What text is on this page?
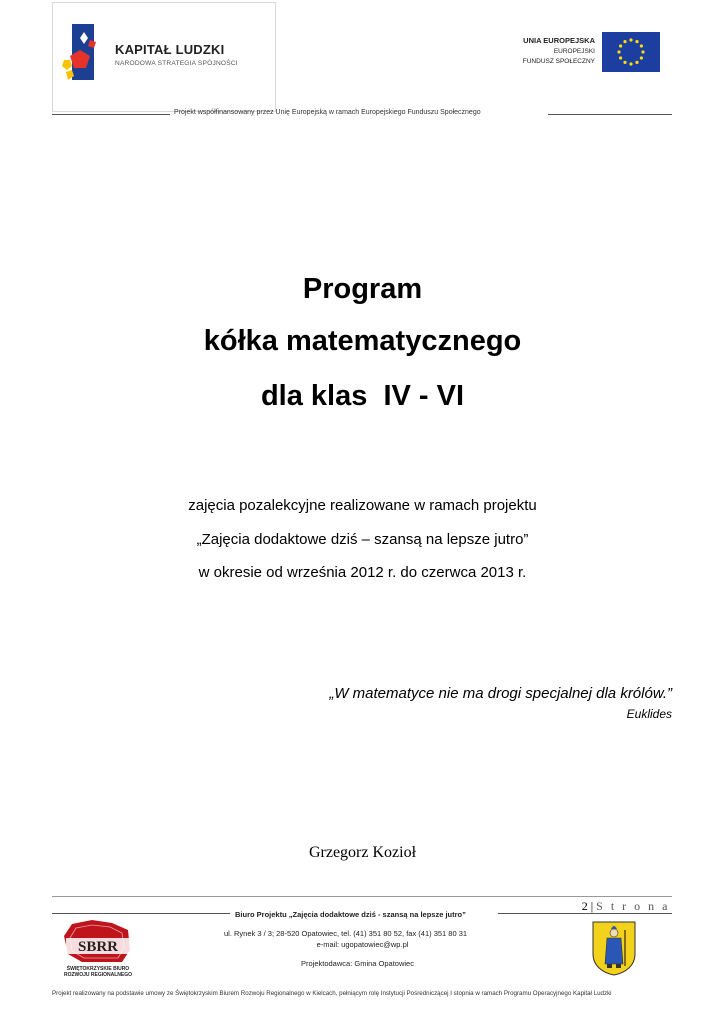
KAPITAŁ LUDZKI
NARODOWA STRATEGIA SPÓJNOŚCI
UNIA EUROPEJSKA
EUROPEJSKI
FUNDUSZ SPOŁECZNY
Projekt współfinansowany przez Unię Europejską w ramach Europejskiego Funduszu Społecznego
Program
kółka matematycznego
dla klas  IV - VI
zajęcia pozalekcyjne realizowane w ramach projektu
„Zajęcia dodaktowe dziś – szansą na lepsze jutro”
w okresie od września 2012 r. do czerwca 2013 r.
„W matematyce nie ma drogi specjalnej dla królów.”
Euklides
Grzegorz Kozioł
2 | S t r o n a
Biuro Projektu „Zajęcia dodaktowe dziś - szansą na lepsze jutro”
ul. Rynek 3 / 3; 28-520 Opatowiec, tel. (41) 351 80 52, fax (41) 351 80 31
e-mail: ugopatowiec@wp.pl
Projektodawca: Gmina Opatowiec
SBRR
ŚWIĘTOKRZYSKIE BIURO
ROZWOJU REGIONALNEGO
Projekt realizowany na podstawie umowy ze Świętokrzyskim Biurem Rozwoju Regionalnego w Kielcach, pełniącym rolę Instytucji Pośredniczącej I stopnia w ramach Programu Operacyjnego Kapitał Ludzki
